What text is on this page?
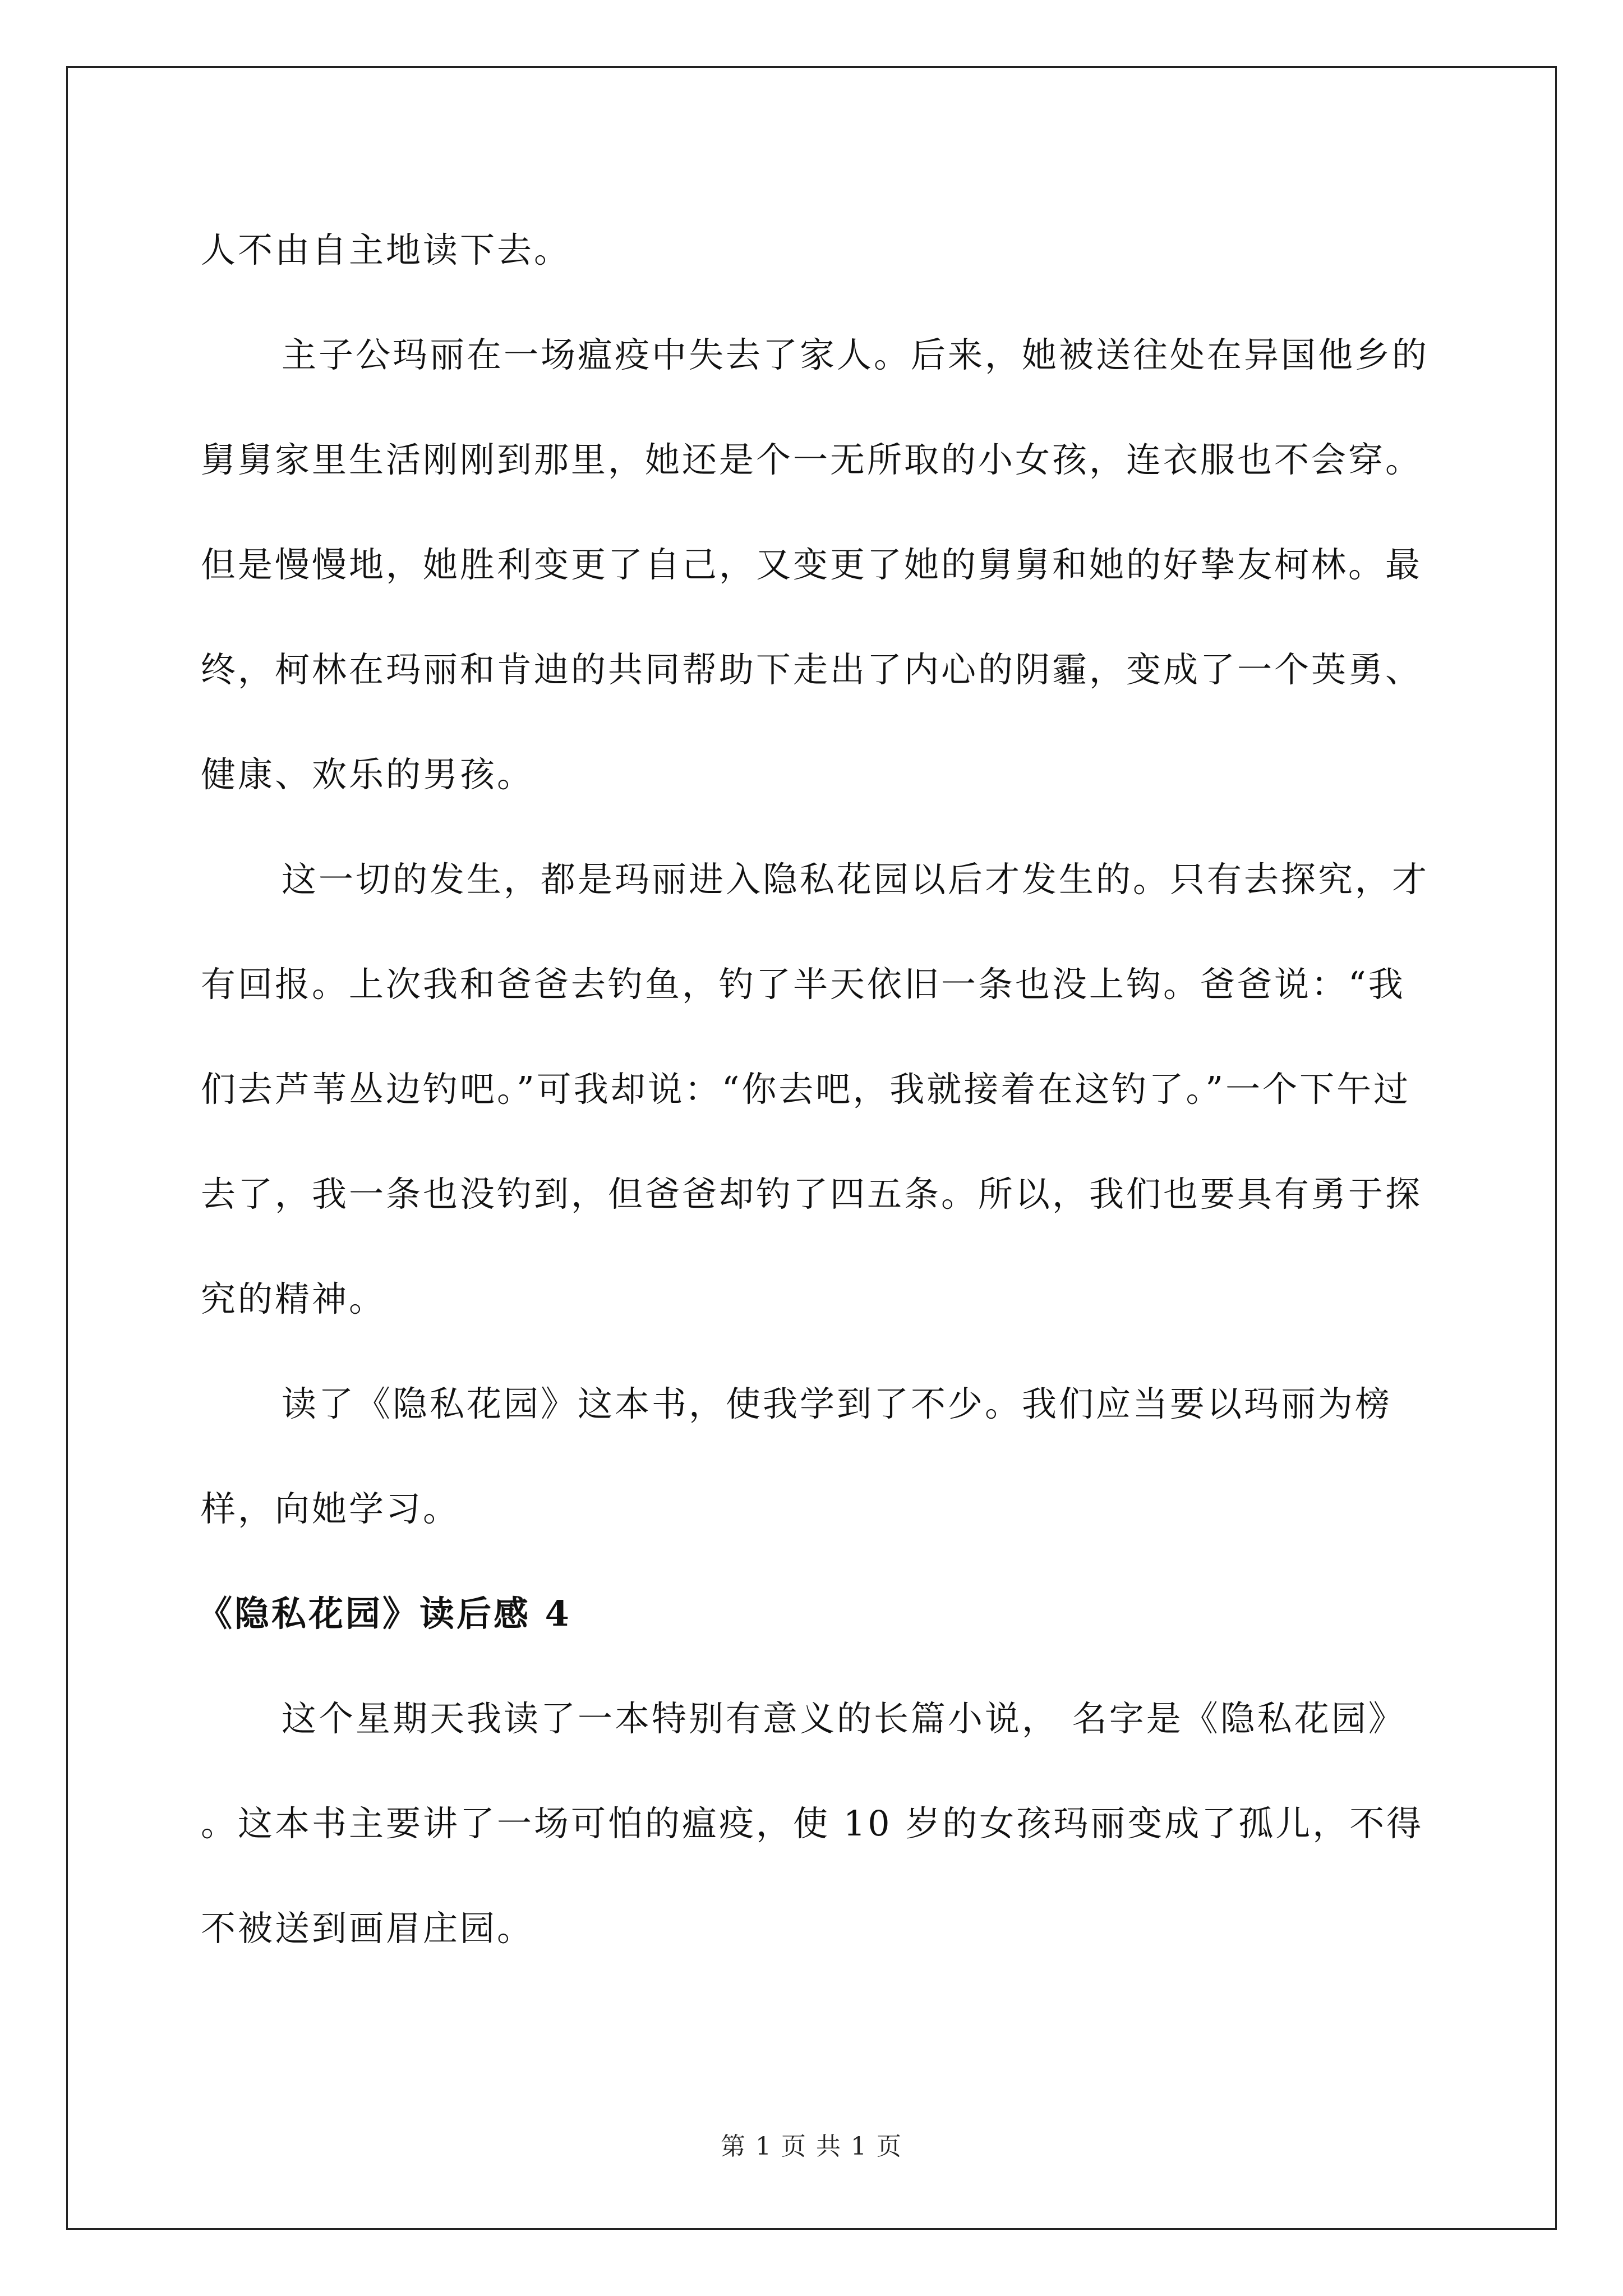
人不由自主地读下去。

主子公玛丽在一场瘟疫中失去了家人。后来，她被送往处在异国他乡的舅舅家里生活刚刚到那里，她还是个一无所取的小女孩，连衣服也不会穿。但是慢慢地，她胜利变更了自己，又变更了她的舅舅和她的好挚友柯林。最终，柯林在玛丽和肯迪的共同帮助下走出了内心的阴霾，变成了一个英勇、健康、欢乐的男孩。

这一切的发生，都是玛丽进入隐私花园以后才发生的。只有去探究，才有回报。上次我和爸爸去钓鱼，钓了半天依旧一条也没上钩。爸爸说：“我们去芦苇丛边钓吧。”可我却说：“你去吧，我就接着在这钓了。”一个下午过去了，我一条也没钓到，但爸爸却钓了四五条。所以，我们也要具有勇于探究的精神。

读了《隐私花园》这本书，使我学到了不少。我们应当要以玛丽为榜样，向她学习。

《隐私花园》读后感 4

这个星期天我读了一本特别有意义的长篇小说， 名字是《隐私花园》 。这本书主要讲了一场可怕的瘟疫，使 10 岁的女孩玛丽变成了孤儿，不得不被送到画眉庄园。

第 1 页 共 1 页
